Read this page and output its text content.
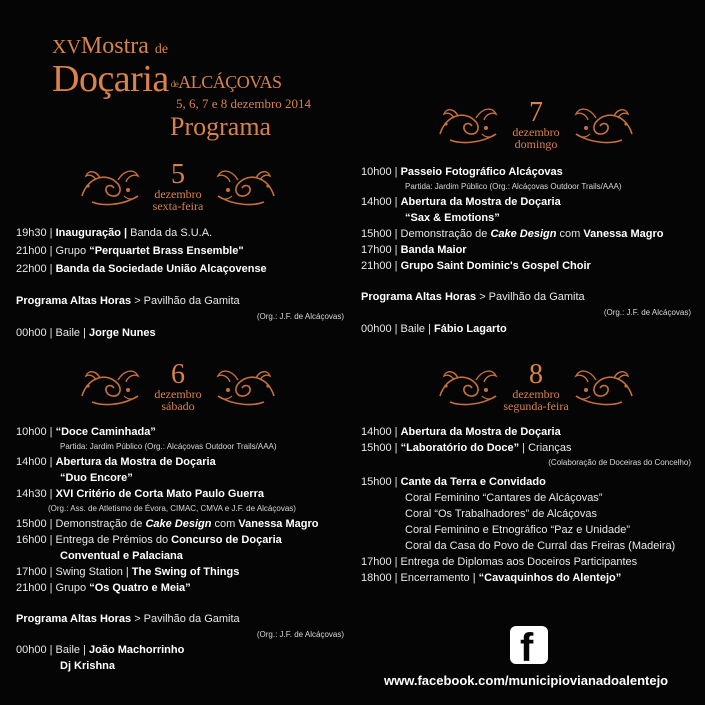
XVMostra de
Doçaria deALCÁÇOVAS
5, 6, 7 e 8 dezembro 2014
Programa
5
dezembro
sexta-feira
19h30 | Inauguração | Banda da S.U.A.
21h00 | Grupo “Perquartet Brass Ensemble"
22h00 | Banda da Sociedade União Alcaçovense
Programa Altas Horas > Pavilhão da Gamita
(Org.: J.F. de Alcáçovas)
00h00 | Baile | Jorge Nunes
6
dezembro
sábado
10h00 | “Doce Caminhada”
Partida: Jardim Público (Org.: Alcáçovas Outdoor Trails/AAA)
14h00 | Abertura da Mostra de Doçaria
“Duo Encore”
14h30 | XVI Critério de Corta Mato Paulo Guerra
(Org.: Ass. de Atletismo de Évora, CIMAC, CMVA e J.F. de Alcáçovas)
15h00 | Demonstração de Cake Design com Vanessa Magro
16h00 | Entrega de Prémios do Concurso de Doçaria
Conventual e Palaciana
17h00 | Swing Station | The Swing of Things
21h00 | Grupo “Os Quatro e Meia”
Programa Altas Horas > Pavilhão da Gamita
(Org.: J.F. de Alcáçovas)
00h00 | Baile | João Machorrinho
Dj Krishna
7
dezembro
domingo
10h00 | Passeio Fotográfico Alcáçovas
Partida: Jardim Público (Org.: Alcáçovas Outdoor Trails/AAA)
14h00 | Abertura da Mostra de Doçaria
“Sax & Emotions”
15h00 | Demonstração de Cake Design com Vanessa Magro
17h00 | Banda Maior
21h00 | Grupo Saint Dominic's Gospel Choir
Programa Altas Horas > Pavilhão da Gamita
(Org.: J.F. de Alcáçovas)
00h00 | Baile | Fábio Lagarto
8
dezembro
segunda-feira
14h00 | Abertura da Mostra de Doçaria
15h00 | “Laboratório do Doce” | Crianças
(Colaboração de Doceiras do Concelho)
15h00 | Cante da Terra e Convidado
Coral Feminino “Cantares de Alcáçovas”
Coral “Os Trabalhadores” de Alcáçovas
Coral Feminino e Etnográfico “Paz e Unidade”
Coral da Casa do Povo de Curral das Freiras (Madeira)
17h00 | Entrega de Diplomas aos Doceiros Participantes
18h00 | Encerramento | “Cavaquinhos do Alentejo”
f
www.facebook.com/municipiovianadoalentejo
